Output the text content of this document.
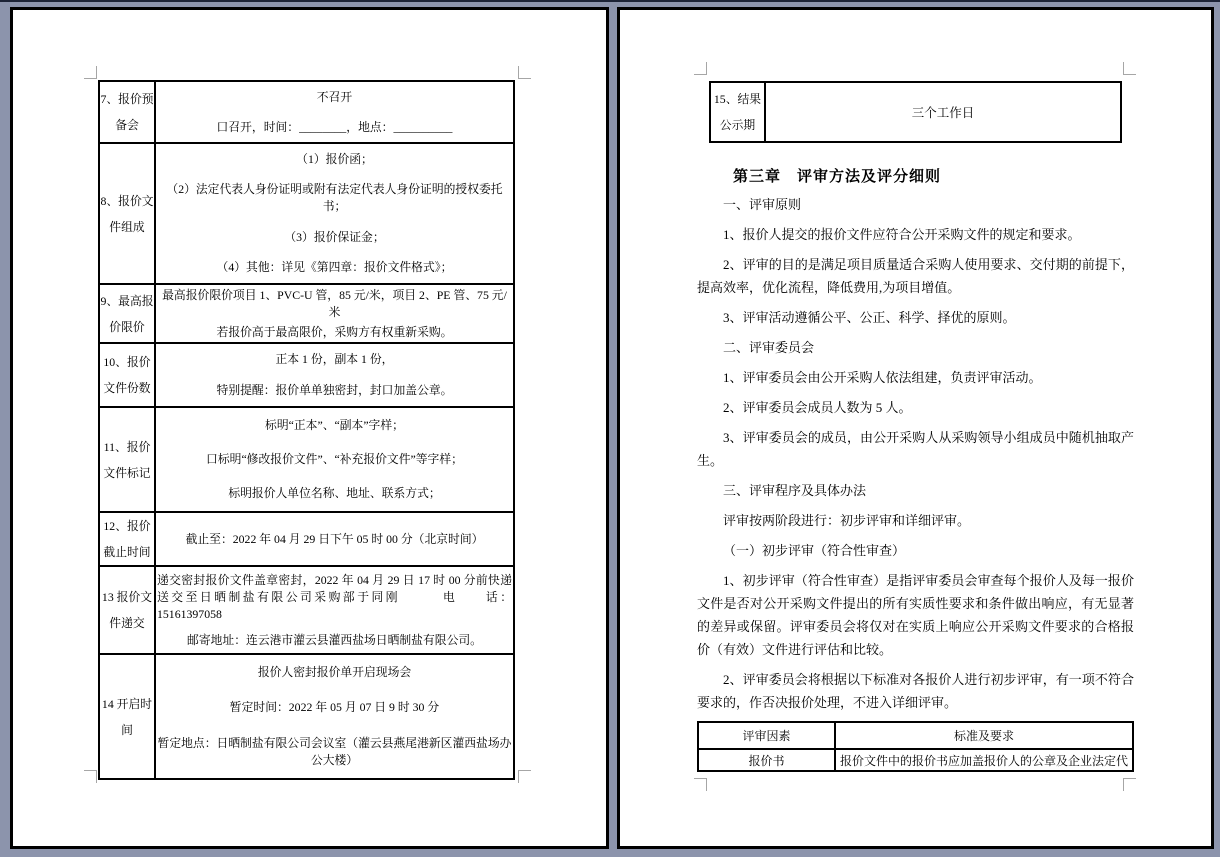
7、报价预备会	不召开
口召开，时间：________，地点：__________

8、报价文件组成	（1）报价函；
（2）法定代表人身份证明或附有法定代表人身份证明的授权委托书；
（3）报价保证金；
（4）其他：详见《第四章：报价文件格式》；

9、最高报价限价	最高报价限价项目 1、PVC-U 管，85 元/米，项目 2、PE 管、75 元/米
若报价高于最高限价，采购方有权重新采购。

10、报价文件份数	正本 1 份，副本 1 份，
特别提醒：报价单单独密封，封口加盖公章。

11、报价文件标记	标明“正本”、“副本”字样；
口标明“修改报价文件”、“补充报价文件”等字样；
标明报价人单位名称、地址、联系方式；

12、报价截止时间	截止至：2022 年 04 月 29 日下午 05 时 00 分（北京时间）

13 报价文件递交	递交密封报价文件盖章密封，2022 年 04 月 29 日 17 时 00 分前快递送交至日晒制盐有限公司采购部于同刚　　　电　　话：15161397058
邮寄地址：连云港市灌云县灌西盐场日晒制盐有限公司。

14 开启时间	报价人密封报价单开启现场会
暂定时间：2022 年 05 月 07 日 9 时 30 分
暂定地点：日晒制盐有限公司会议室（灌云县燕尾港新区灌西盐场办公大楼）
15、结果公示期	三个工作日
第三章　评审方法及评分细则

一、评审原则

1、报价人提交的报价文件应符合公开采购文件的规定和要求。

2、评审的目的是满足项目质量适合采购人使用要求、交付期的前提下，提高效率，优化流程，降低费用,为项目增值。

3、评审活动遵循公平、公正、科学、择优的原则。

二、评审委员会

1、评审委员会由公开采购人依法组建，负责评审活动。

2、评审委员会成员人数为 5 人。

3、评审委员会的成员，由公开采购人从采购领导小组成员中随机抽取产生。

三、评审程序及具体办法

评审按两阶段进行：初步评审和详细评审。

（一）初步评审（符合性审查）

1、初步评审（符合性审查）是指评审委员会审查每个报价人及每一报价文件是否对公开采购文件提出的所有实质性要求和条件做出响应，有无显著的差异或保留。评审委员会将仅对在实质上响应公开采购文件要求的合格报价（有效）文件进行评估和比较。

2、评审委员会将根据以下标准对各报价人进行初步评审，有一项不符合要求的，作否决报价处理，不进入详细评审。

评审因素	标准及要求
报价书	报价文件中的报价书应加盖报价人的公章及企业法定代
